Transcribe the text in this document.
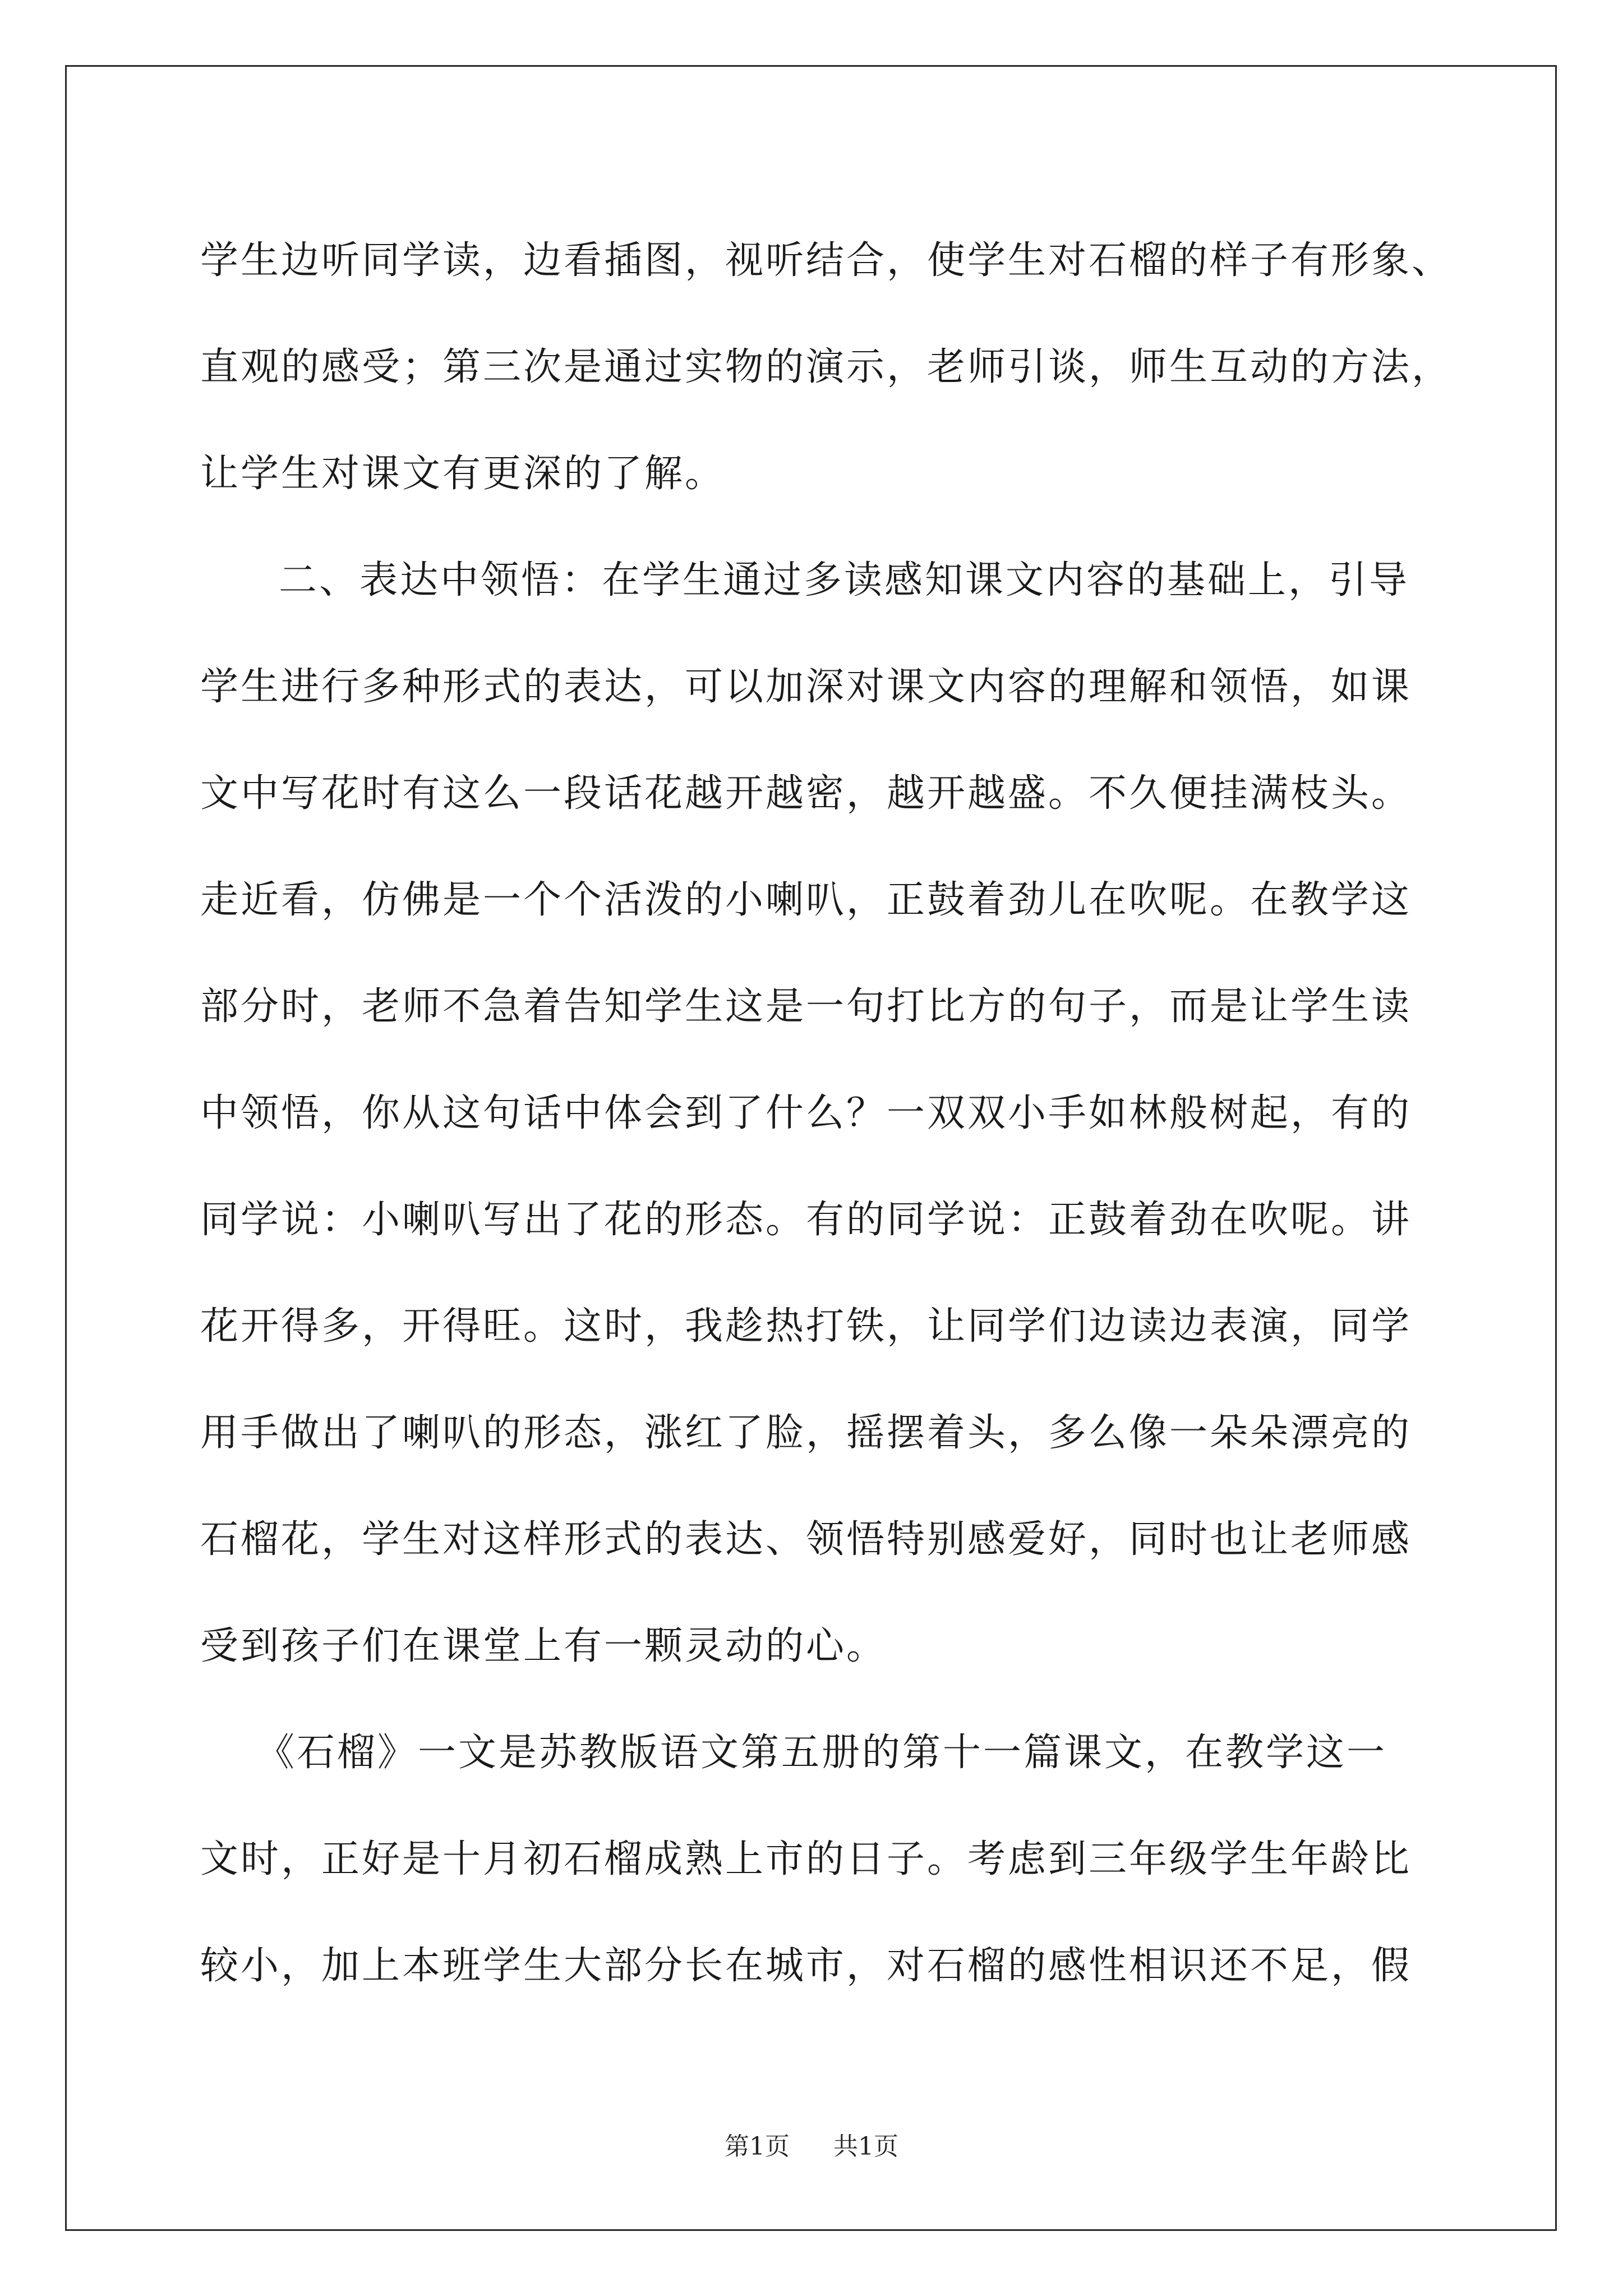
学生边听同学读，边看插图，视听结合，使学生对石榴的样子有形象、
直观的感受；第三次是通过实物的演示，老师引谈，师生互动的方法，
让学生对课文有更深的了解。
二、表达中领悟：在学生通过多读感知课文内容的基础上，引导
学生进行多种形式的表达，可以加深对课文内容的理解和领悟，如课
文中写花时有这么一段话花越开越密，越开越盛。不久便挂满枝头。
走近看，仿佛是一个个活泼的小喇叭，正鼓着劲儿在吹呢。在教学这
部分时，老师不急着告知学生这是一句打比方的句子，而是让学生读
中领悟，你从这句话中体会到了什么？一双双小手如林般树起，有的
同学说：小喇叭写出了花的形态。有的同学说：正鼓着劲在吹呢。讲
花开得多，开得旺。这时，我趁热打铁，让同学们边读边表演，同学
用手做出了喇叭的形态，涨红了脸，摇摆着头，多么像一朵朵漂亮的
石榴花，学生对这样形式的表达、领悟特别感爱好，同时也让老师感
受到孩子们在课堂上有一颗灵动的心。
《石榴》一文是苏教版语文第五册的第十一篇课文，在教学这一
文时，正好是十月初石榴成熟上市的日子。考虑到三年级学生年龄比
较小，加上本班学生大部分长在城市，对石榴的感性相识还不足，假
第1页 共1页
